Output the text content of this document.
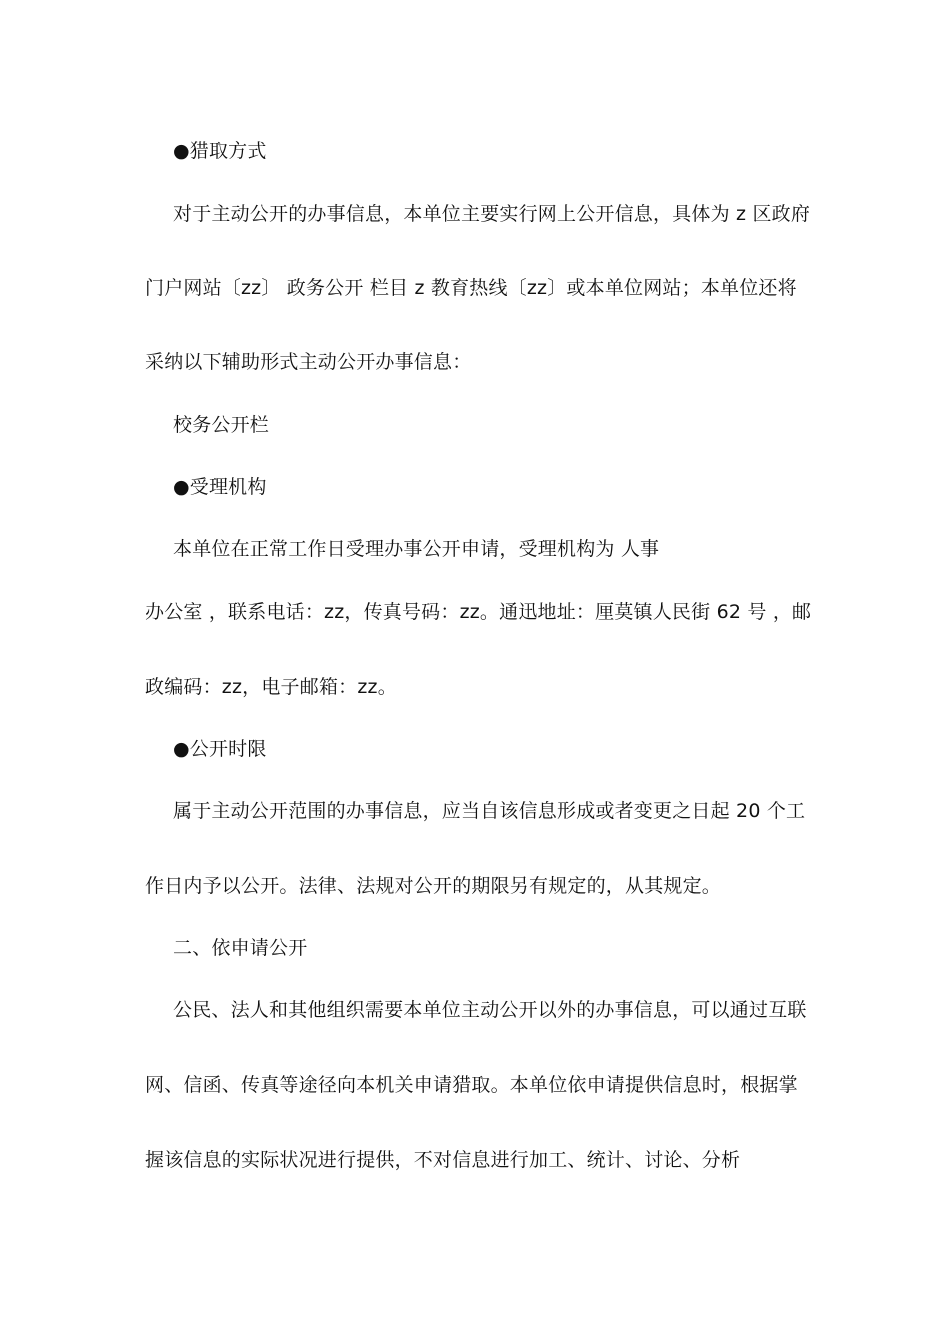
●猎取方式
对于主动公开的办事信息，本单位主要实行网上公开信息，具体为 z 区政府
门户网站〔zz〕 政务公开 栏目 z 教育热线〔zz〕或本单位网站；本单位还将
采纳以下辅助形式主动公开办事信息：
校务公开栏
●受理机构
本单位在正常工作日受理办事公开申请，受理机构为 人事
办公室 ，联系电话：zz，传真号码：zz。通迅地址：厘莫镇人民街 62 号 ，邮
政编码：zz，电子邮箱：zz。
●公开时限
属于主动公开范围的办事信息，应当自该信息形成或者变更之日起 20 个工
作日内予以公开。法律、法规对公开的期限另有规定的，从其规定。
二、依申请公开
公民、法人和其他组织需要本单位主动公开以外的办事信息，可以通过互联
网、信函、传真等途径向本机关申请猎取。本单位依申请提供信息时，根据掌
握该信息的实际状况进行提供，不对信息进行加工、统计、讨论、分析
